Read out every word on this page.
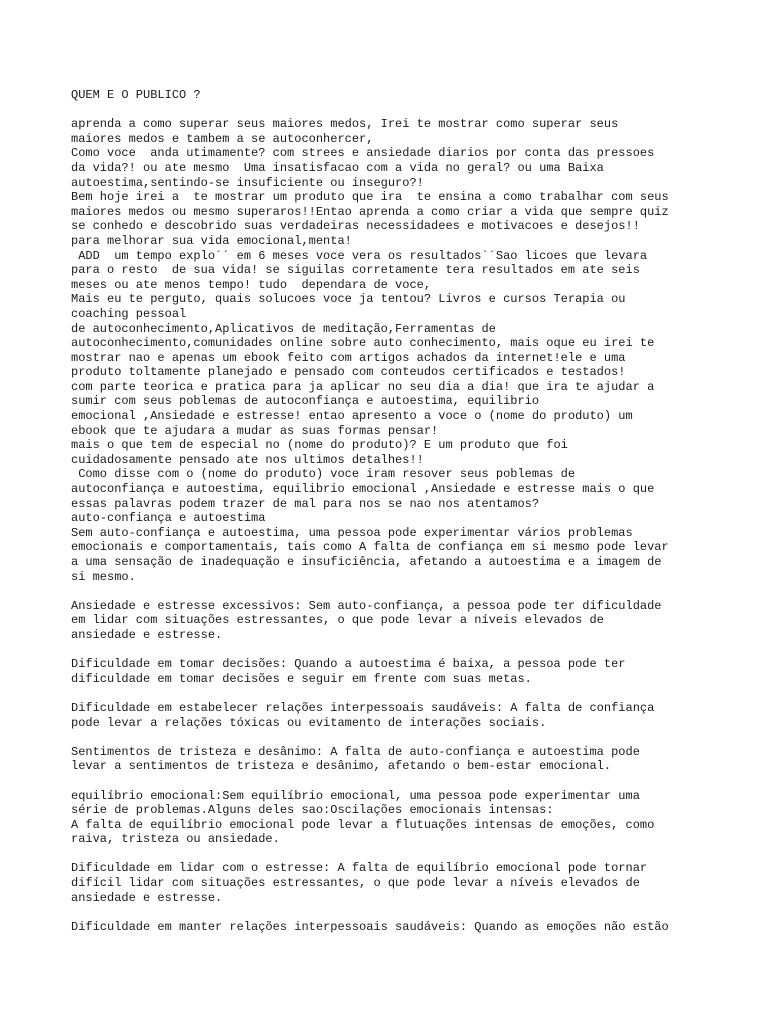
QUEM E O PUBLICO ?
aprenda a como superar seus maiores medos, Irei te mostrar como superar seus
maiores medos e tambem a se autoconhercer,
Como voce  anda utimamente? com strees e ansiedade diarios por conta das pressoes
da vida?! ou ate mesmo  Uma insatisfacao com a vida no geral? ou uma Baixa
autoestima,sentindo-se insuficiente ou inseguro?!
Bem hoje irei a  te mostrar um produto que ira  te ensina a como trabalhar com seus
maiores medos ou mesmo superaros!!Entao aprenda a como criar a vida que sempre quiz
se conhedo e descobrido suas verdadeiras necessidadees e motivacoes e desejos!!
para melhorar sua vida emocional,menta!
ADD  um tempo explo´´ em 6 meses voce vera os resultados`´Sao licoes que levara
para o resto  de sua vida! se siguilas corretamente tera resultados em ate seis
meses ou ate menos tempo! tudo  dependara de voce,
Mais eu te perguto, quais solucoes voce ja tentou? Livros e cursos Terapia ou
coaching pessoal
de autoconhecimento,Aplicativos de meditação,Ferramentas de
autoconhecimento,comunidades online sobre auto conhecimento, mais oque eu irei te
mostrar nao e apenas um ebook feito com artigos achados da internet!ele e uma
produto toltamente planejado e pensado com conteudos certificados e testados!
com parte teorica e pratica para ja aplicar no seu dia a dia! que ira te ajudar a
sumir com seus poblemas de autoconfiança e autoestima, equilibrio
emocional ,Ansiedade e estresse! entao apresento a voce o (nome do produto) um
ebook que te ajudara a mudar as suas formas pensar!
mais o que tem de especial no (nome do produto)? E um produto que foi
cuidadosamente pensado ate nos ultimos detalhes!!
Como disse com o (nome do produto) voce iram resover seus poblemas de
autoconfiança e autoestima, equilibrio emocional ,Ansiedade e estresse mais o que
essas palavras podem trazer de mal para nos se nao nos atentamos?
auto-confiança e autoestima
Sem auto-confiança e autoestima, uma pessoa pode experimentar vários problemas
emocionais e comportamentais, tais como A falta de confiança em si mesmo pode levar
a uma sensação de inadequação e insuficiência, afetando a autoestima e a imagem de
si mesmo.
Ansiedade e estresse excessivos: Sem auto-confiança, a pessoa pode ter dificuldade
em lidar com situações estressantes, o que pode levar a níveis elevados de
ansiedade e estresse.
Dificuldade em tomar decisões: Quando a autoestima é baixa, a pessoa pode ter
dificuldade em tomar decisões e seguir em frente com suas metas.
Dificuldade em estabelecer relações interpessoais saudáveis: A falta de confiança
pode levar a relações tóxicas ou evitamento de interações sociais.
Sentimentos de tristeza e desânimo: A falta de auto-confiança e autoestima pode
levar a sentimentos de tristeza e desânimo, afetando o bem-estar emocional.
equilíbrio emocional:Sem equilíbrio emocional, uma pessoa pode experimentar uma
série de problemas.Alguns deles sao:Oscilações emocionais intensas:
A falta de equilíbrio emocional pode levar a flutuações intensas de emoções, como
raiva, tristeza ou ansiedade.
Dificuldade em lidar com o estresse: A falta de equilíbrio emocional pode tornar
difícil lidar com situações estressantes, o que pode levar a níveis elevados de
ansiedade e estresse.
Dificuldade em manter relações interpessoais saudáveis: Quando as emoções não estão
